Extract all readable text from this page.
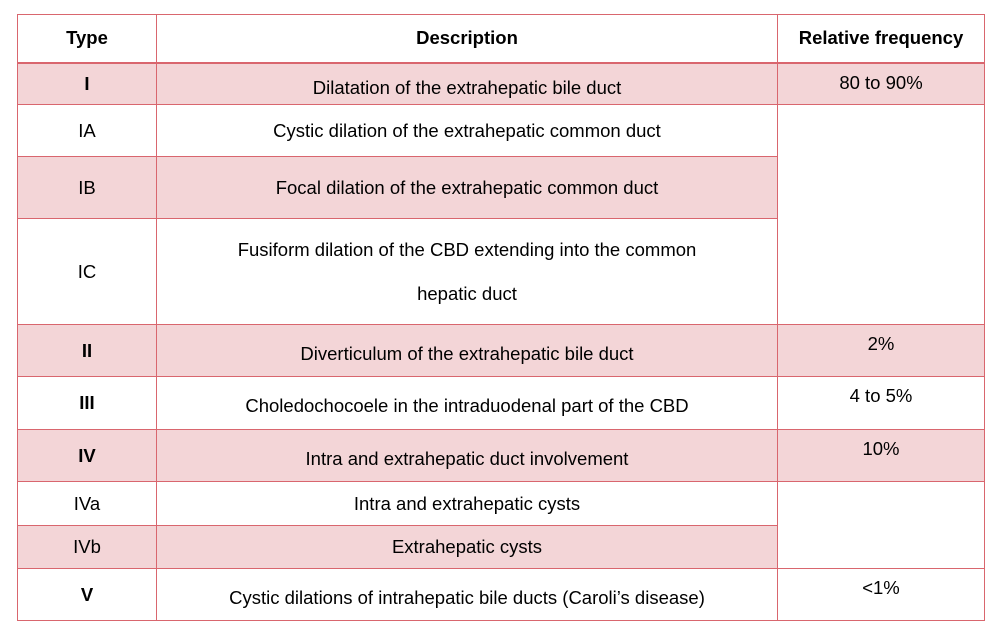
Type	Description	Relative frequency
I	Dilatation of the extrahepatic bile duct	80 to 90%
IA	Cystic dilation of the extrahepatic common duct	
IB	Focal dilation of the extrahepatic common duct	
IC	Fusiform dilation of the CBD extending into the common
hepatic duct	
II	Diverticulum of the extrahepatic bile duct	2%
III	Choledochocoele in the intraduodenal part of the CBD	4 to 5%
IV	Intra and extrahepatic duct involvement	10%
IVa	Intra and extrahepatic cysts	
IVb	Extrahepatic cysts	
V	Cystic dilations of intrahepatic bile ducts (Caroli’s disease)	<1%
